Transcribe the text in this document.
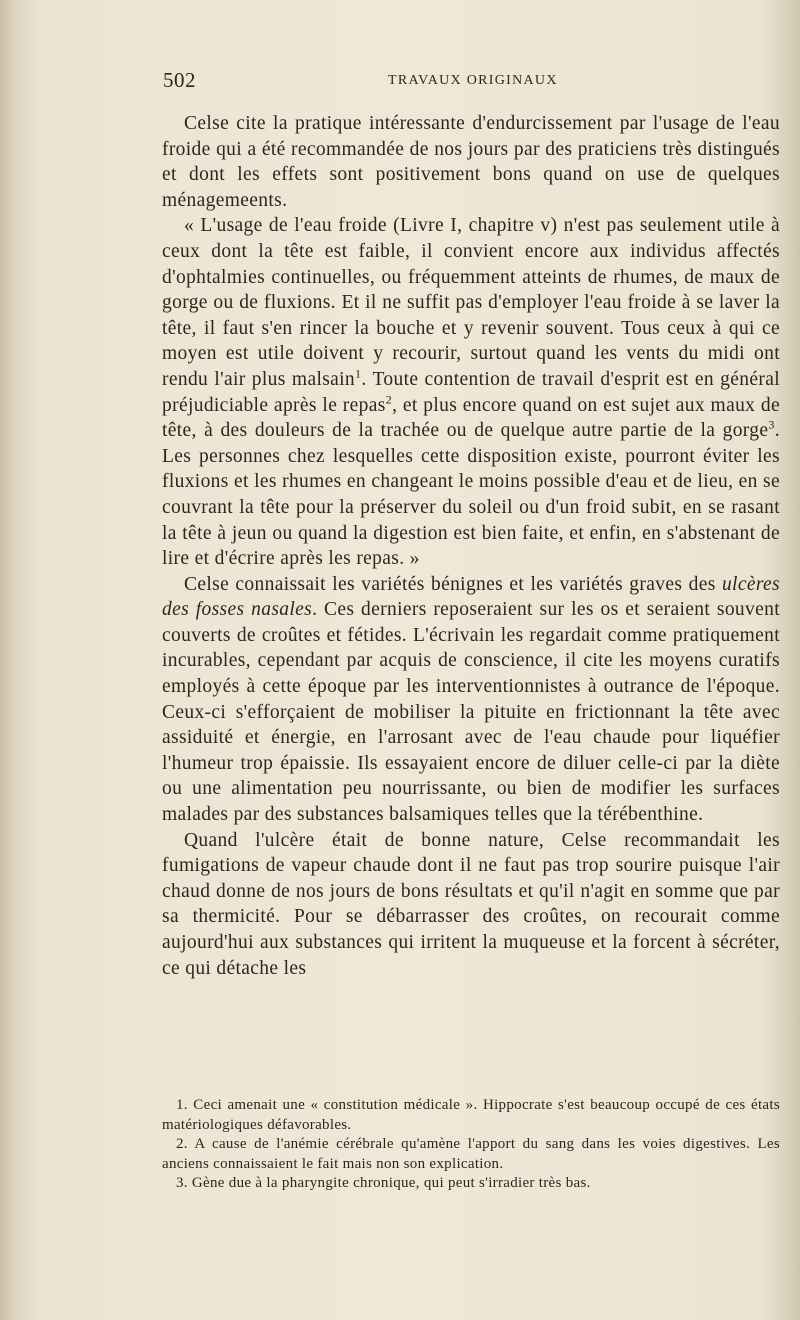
502	TRAVAUX ORIGINAUX

Celse cite la pratique intéressante d'endurcissement par l'usage de l'eau froide qui a été recommandée de nos jours par des praticiens très distingués et dont les effets sont positivement bons quand on use de quelques ménagemeents.

« L'usage de l'eau froide (Livre I, chapitre v) n'est pas seulement utile à ceux dont la tête est faible, il convient encore aux individus affectés d'ophtalmies continuelles, ou fréquemment atteints de rhumes, de maux de gorge ou de fluxions. Et il ne suffit pas d'employer l'eau froide à se laver la tête, il faut s'en rincer la bouche et y revenir souvent. Tous ceux à qui ce moyen est utile doivent y recourir, surtout quand les vents du midi ont rendu l'air plus malsain$^1$. Toute contention de travail d'esprit est en général préjudiciable après le repas$^2$, et plus encore quand on est sujet aux maux de tête, à des douleurs de la trachée ou de quelque autre partie de la gorge$^3$. Les personnes chez lesquelles cette disposition existe, pourront éviter les fluxions et les rhumes en changeant le moins possible d'eau et de lieu, en se couvrant la tête pour la préserver du soleil ou d'un froid subit, en se rasant la tête à jeun ou quand la digestion est bien faite, et enfin, en s'abstenant de lire et d'écrire après les repas. »

Celse connaissait les variétés bénignes et les variétés graves des ulcères des fosses nasales. Ces derniers reposeraient sur les os et seraient souvent couverts de croûtes et fétides. L'écrivain les regardait comme pratiquement incurables, cependant par acquis de conscience, il cite les moyens curatifs employés à cette époque par les interventionnistes à outrance de l'époque. Ceux-ci s'efforçaient de mobiliser la pituite en frictionnant la tête avec assiduité et énergie, en l'arrosant avec de l'eau chaude pour liquéfier l'humeur trop épaissie. Ils essayaient encore de diluer celle-ci par la diète ou une alimentation peu nourrissante, ou bien de modifier les surfaces malades par des substances balsamiques telles que la térébenthine.

Quand l'ulcère était de bonne nature, Celse recommandait les fumigations de vapeur chaude dont il ne faut pas trop sourire puisque l'air chaud donne de nos jours de bons résultats et qu'il n'agit en somme que par sa thermicité. Pour se débarrasser des croûtes, on recourait comme aujourd'hui aux substances qui irritent la muqueuse et la forcent à sécréter, ce qui détache les

1. Ceci amenait une « constitution médicale ». Hippocrate s'est beaucoup occupé de ces états matériologiques défavorables.

2. A cause de l'anémie cérébrale qu'amène l'apport du sang dans les voies digestives. Les anciens connaissaient le fait mais non son explication.

3. Gène due à la pharyngite chronique, qui peut s'irradier très bas.
